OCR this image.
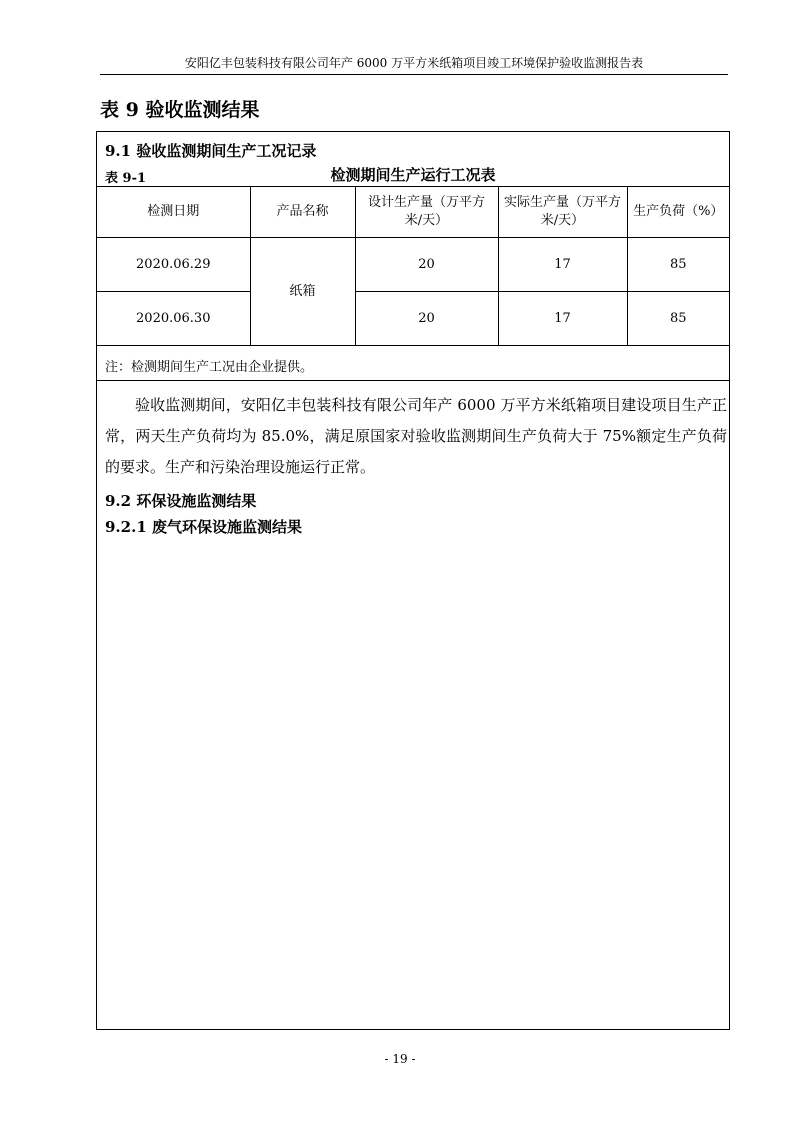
安阳亿丰包装科技有限公司年产 6000 万平方米纸箱项目竣工环境保护验收监测报告表
表 9 验收监测结果
9.1 验收监测期间生产工况记录
检测期间生产运行工况表
表 9-1
检测日期	产品名称	设计生产量（万平方米/天）	实际生产量（万平方米/天）	生产负荷（%）
2020.06.29	纸箱	20	17	85
2020.06.30		20	17	85
注：检测期间生产工况由企业提供。

验收监测期间，安阳亿丰包装科技有限公司年产 6000 万平方米纸箱项目建设项目生产正常，两天生产负荷均为 85.0%，满足原国家对验收监测期间生产负荷大于 75%额定生产负荷的要求。生产和污染治理设施运行正常。

9.2 环保设施监测结果
9.2.1 废气环保设施监测结果
- 19 -
